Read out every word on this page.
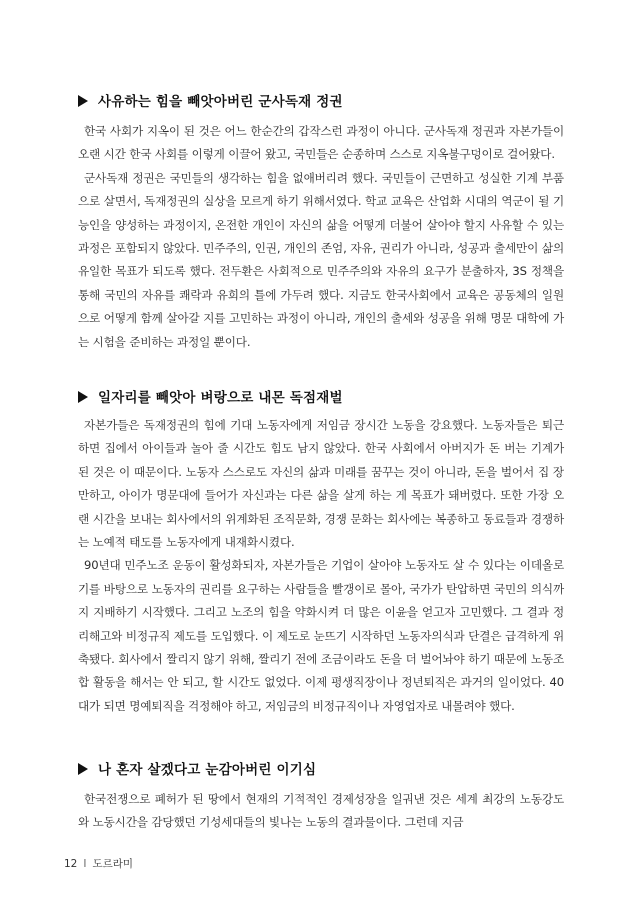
사유하는 힘을 빼앗아버린 군사독재 정권

한국 사회가 지옥이 된 것은 어느 한순간의 갑작스런 과정이 아니다. 군사독재 정권과 자본가들이 오랜 시간 한국 사회를 이렇게 이끌어 왔고, 국민들은 순종하며 스스로 지옥불구덩이로 걸어왔다.

군사독재 정권은 국민들의 생각하는 힘을 없애버리려 했다. 국민들이 근면하고 성실한 기계 부품으로 살면서, 독재정권의 실상을 모르게 하기 위해서였다. 학교 교육은 산업화 시대의 역군이 될 기능인을 양성하는 과정이지, 온전한 개인이 자신의 삶을 어떻게 더불어 살아야 할지 사유할 수 있는 과정은 포함되지 않았다. 민주주의, 인권, 개인의 존엄, 자유, 권리가 아니라, 성공과 출세만이 삶의 유일한 목표가 되도록 했다. 전두환은 사회적으로 민주주의와 자유의 요구가 분출하자, 3S 정책을 통해 국민의 자유를 쾌락과 유희의 틀에 가두려 했다. 지금도 한국사회에서 교육은 공동체의 일원으로 어떻게 함께 살아갈 지를 고민하는 과정이 아니라, 개인의 출세와 성공을 위해 명문 대학에 가는 시험을 준비하는 과정일 뿐이다.

일자리를 빼앗아 벼랑으로 내몬 독점재벌

자본가들은 독재정권의 힘에 기대 노동자에게 저임금 장시간 노동을 강요했다. 노동자들은 퇴근하면 집에서 아이들과 놀아 줄 시간도 힘도 남지 않았다. 한국 사회에서 아버지가 돈 버는 기계가 된 것은 이 때문이다. 노동자 스스로도 자신의 삶과 미래를 꿈꾸는 것이 아니라, 돈을 벌어서 집 장만하고, 아이가 명문대에 들어가 자신과는 다른 삶을 살게 하는 게 목표가 돼버렸다. 또한 가장 오랜 시간을 보내는 회사에서의 위계화된 조직문화, 경쟁 문화는 회사에는 복종하고 동료들과 경쟁하는 노예적 태도를 노동자에게 내재화시켰다.

90년대 민주노조 운동이 활성화되자, 자본가들은 기업이 살아야 노동자도 살 수 있다는 이데올로기를 바탕으로 노동자의 권리를 요구하는 사람들을 빨갱이로 몰아, 국가가 탄압하면 국민의 의식까지 지배하기 시작했다. 그리고 노조의 힘을 약화시켜 더 많은 이윤을 얻고자 고민했다. 그 결과 정리해고와 비정규직 제도를 도입했다. 이 제도로 눈뜨기 시작하던 노동자의식과 단결은 급격하게 위축됐다. 회사에서 짤리지 않기 위해, 짤리기 전에 조금이라도 돈을 더 벌어놔야 하기 때문에 노동조합 활동을 해서는 안 되고, 할 시간도 없었다. 이제 평생직장이나 정년퇴직은 과거의 일이었다. 40대가 되면 명예퇴직을 걱정해야 하고, 저임금의 비정규직이나 자영업자로 내몰려야 했다.

나 혼자 살겠다고 눈감아버린 이기심

한국전쟁으로 폐허가 된 땅에서 현재의 기적적인 경제성장을 일궈낸 것은 세계 최강의 노동강도와 노동시간을 감당했던 기성세대들의 빛나는 노동의 결과물이다. 그런데 지금

12 I 도르라미
